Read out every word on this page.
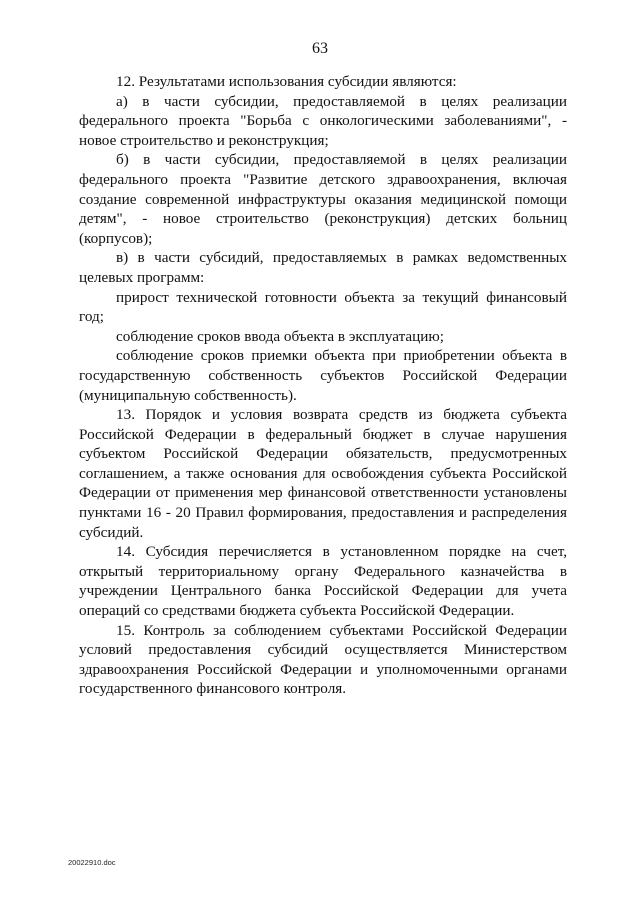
63

12. Результатами использования субсидии являются:

а) в части субсидии, предоставляемой в целях реализации федерального проекта "Борьба с онкологическими заболеваниями", - новое строительство и реконструкция;

б) в части субсидии, предоставляемой в целях реализации федерального проекта "Развитие детского здравоохранения, включая создание современной инфраструктуры оказания медицинской помощи детям", - новое строительство (реконструкция) детских больниц (корпусов);

в) в части субсидий, предоставляемых в рамках ведомственных целевых программ:

прирост технической готовности объекта за текущий финансовый год;

соблюдение сроков ввода объекта в эксплуатацию;

соблюдение сроков приемки объекта при приобретении объекта в государственную собственность субъектов Российской Федерации (муниципальную собственность).

13. Порядок и условия возврата средств из бюджета субъекта Российской Федерации в федеральный бюджет в случае нарушения субъектом Российской Федерации обязательств, предусмотренных соглашением, а также основания для освобождения субъекта Российской Федерации от применения мер финансовой ответственности установлены пунктами 16 - 20 Правил формирования, предоставления и распределения субсидий.

14. Субсидия перечисляется в установленном порядке на счет, открытый территориальному органу Федерального казначейства в учреждении Центрального банка Российской Федерации для учета операций со средствами бюджета субъекта Российской Федерации.

15. Контроль за соблюдением субъектами Российской Федерации условий предоставления субсидий осуществляется Министерством здравоохранения Российской Федерации и уполномоченными органами государственного финансового контроля.

20022910.doc
